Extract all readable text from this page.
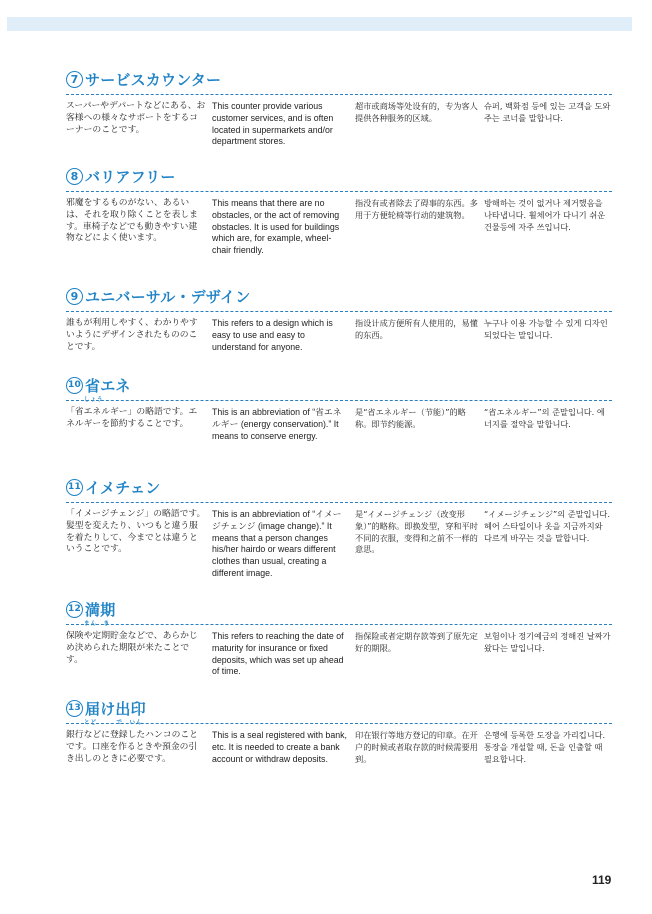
7 サービスカウンター
スーパーやデパートなどにある、お客様への様々なサポートをするコーナーのことです。
This counter provide various customer services, and is often located in supermarkets and/or department stores.
超市或商场等处设有的，专为客人提供各种服务的区域。
슈퍼, 백화점 등에 있는 고객을 도와주는 코너를 말합니다.
8 バリアフリー
邪魔をするものがない、あるいは、それを取り除くことを表します。車椅子などでも動きやすい建物などによく使います。
This means that there are no obstacles, or the act of removing obstacles. It is used for buildings which are, for example, wheel-chair friendly.
指没有或者除去了碍事的东西。多用于方便轮椅等行动的建筑物。
방해하는 것이 없거나 제거했음을 나타냅니다. 휠체어가 다니기 쉬운 건물등에 자주 쓰입니다.
9 ユニバーサル・デザイン
誰もが利用しやすく、わかりやすいようにデザインされたもののことです。
This refers to a design which is easy to use and easy to understand for anyone.
指设计成方便所有人使用的，易懂的东西。
누구나 이용 가능할 수 있게 디자인 되었다는 말입니다.
10 省エネ
しょう
「省エネルギー」の略語です。エネルギーを節約することです。
This is an abbreviation of “省エネルギー (energy conservation).” It means to conserve energy.
是“省エネルギー（节能）”的略称。即节约能源。
“省エネルギー”의 준말입니다. 에너지를 절약을 말합니다.
11 イメチェン
「イメージチェンジ」の略語です。髪型を変えたり、いつもと違う服を着たりして、今までとは違うということです。
This is an abbreviation of “イメージチェンジ (image change).” It means that a person changes his/her hairdo or wears different clothes than usual, creating a different image.
是“イメージチェンジ（改变形象）”的略称。即换发型，穿和平时不同的衣服，变得和之前不一样的意思。
“イメージチェンジ”의 준말입니다. 헤어 스타일이나 옷을 지금까지와 다르게 바꾸는 것을 말합니다.
12 満期
まん　き
保険や定期貯金などで、あらかじめ決められた期限が来たことです。
This refers to reaching the date of maturity for insurance or fixed deposits, which was set up ahead of time.
指保险或者定期存款等到了原先定好的期限。
보험이나 정기예금의 정해진 날짜가 왔다는 말입니다.
13 届け出印
とど　　　で　いん
銀行などに登録したハンコのことです。口座を作るときや預金の引き出しのときに必要です。
This is a seal registered with bank, etc. It is needed to create a bank account or withdraw deposits.
印在银行等地方登记的印章。在开户的时候或者取存款的时候需要用到。
은행에 등록한 도장을 가리킵니다. 통장을 개설할 때, 돈을 인출할 때 필요합니다.
119
